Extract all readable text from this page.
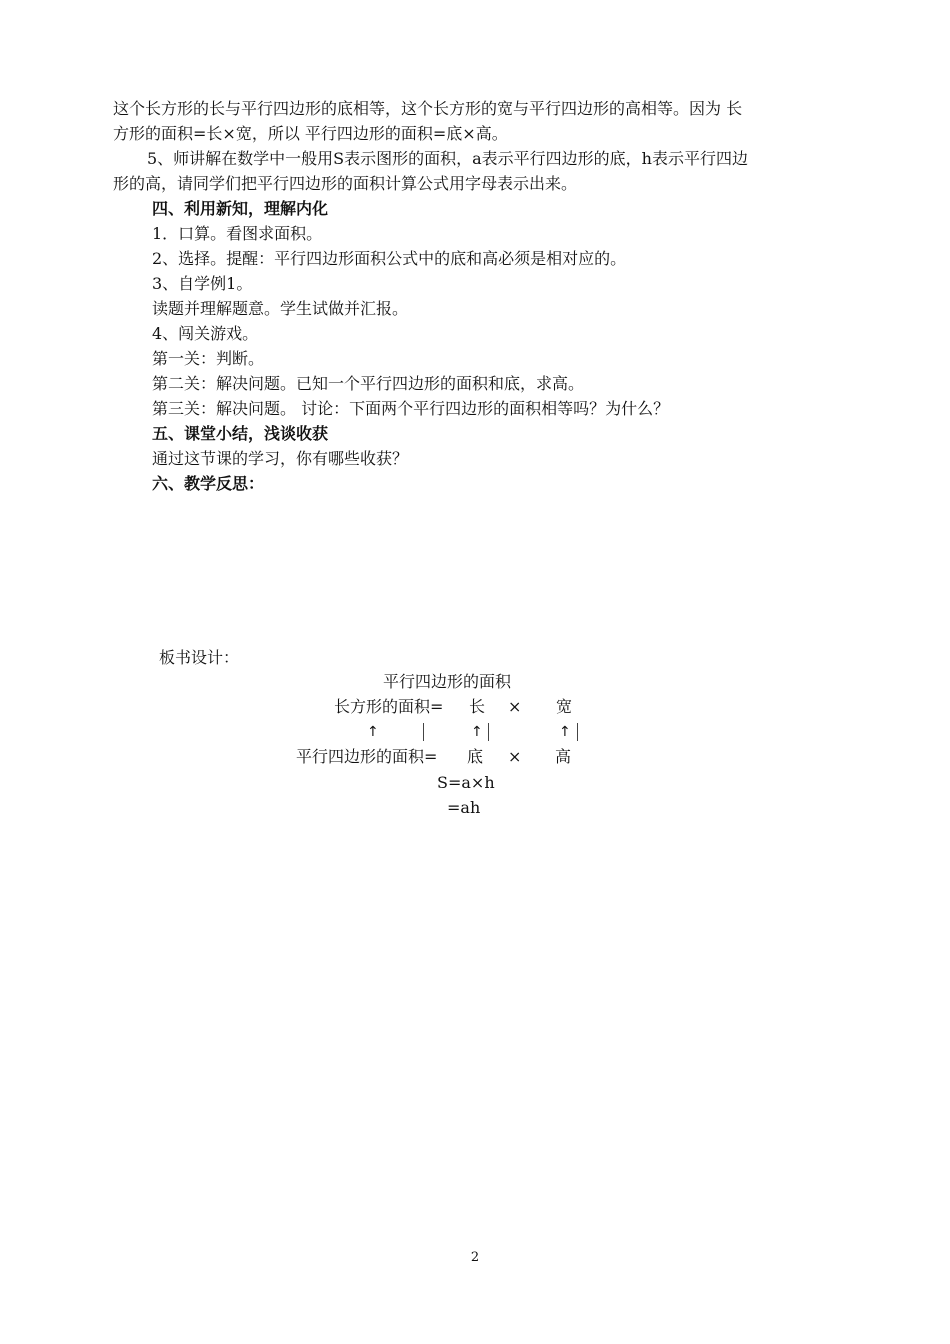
这个长方形的长与平行四边形的底相等，这个长方形的宽与平行四边形的高相等。因为 长
方形的面积=长×宽，所以 平行四边形的面积=底×高。
5、师讲解在数学中一般用S表示图形的面积，a表示平行四边形的底，h表示平行四边
形的高，请同学们把平行四边形的面积计算公式用字母表示出来。
四、利用新知，理解内化
1．口算。看图求面积。
2、选择。提醒：平行四边形面积公式中的底和高必须是相对应的。
3、自学例1。
读题并理解题意。学生试做并汇报。
4、闯关游戏。
第一关：判断。
第二关：解决问题。已知一个平行四边形的面积和底，求高。
第三关：解决问题。 讨论：下面两个平行四边形的面积相等吗？为什么？
五、课堂小结，浅谈收获
通过这节课的学习，你有哪些收获？
六、教学反思：
板书设计：
平行四边形的面积
长方形的面积= 长 × 宽
↑	↑	↑
平行四边形的面积= 底 × 高
S=a×h
=ah
2
